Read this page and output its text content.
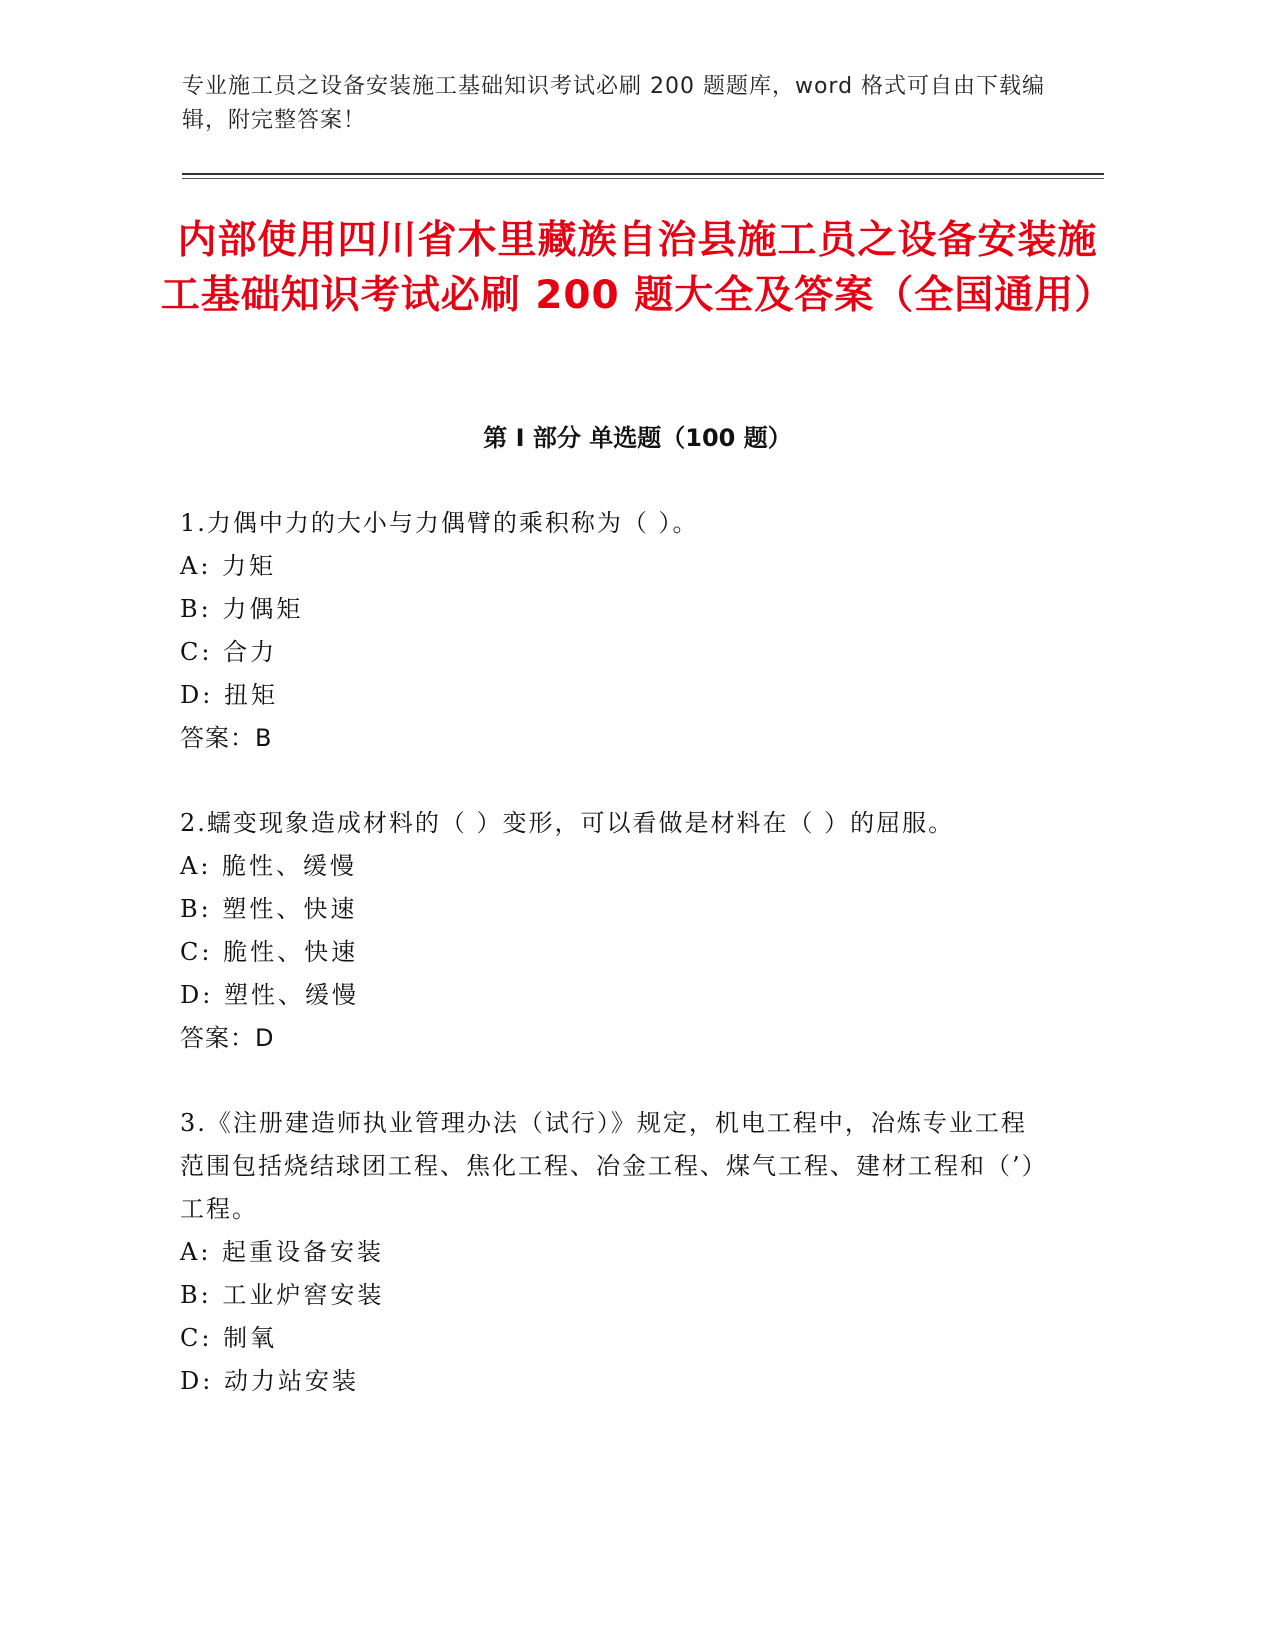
专业施工员之设备安装施工基础知识考试必刷 200 题题库，word 格式可自由下载编辑，附完整答案！
内部使用四川省木里藏族自治县施工员之设备安装施工基础知识考试必刷 200 题大全及答案（全国通用）
第 I 部分 单选题（100 题）
1.力偶中力的大小与力偶臂的乘积称为（ ）。
A: 力矩
B: 力偶矩
C: 合力
D: 扭矩
答案：B
2.蠕变现象造成材料的（ ）变形，可以看做是材料在（ ）的屈服。
A: 脆性、缓慢
B: 塑性、快速
C: 脆性、快速
D: 塑性、缓慢
答案：D
3.《注册建造师执业管理办法（试行）》规定，机电工程中，冶炼专业工程范围包括烧结球团工程、焦化工程、冶金工程、煤气工程、建材工程和（’）工程。
A: 起重设备安装
B: 工业炉窖安装
C: 制氧
D: 动力站安装
